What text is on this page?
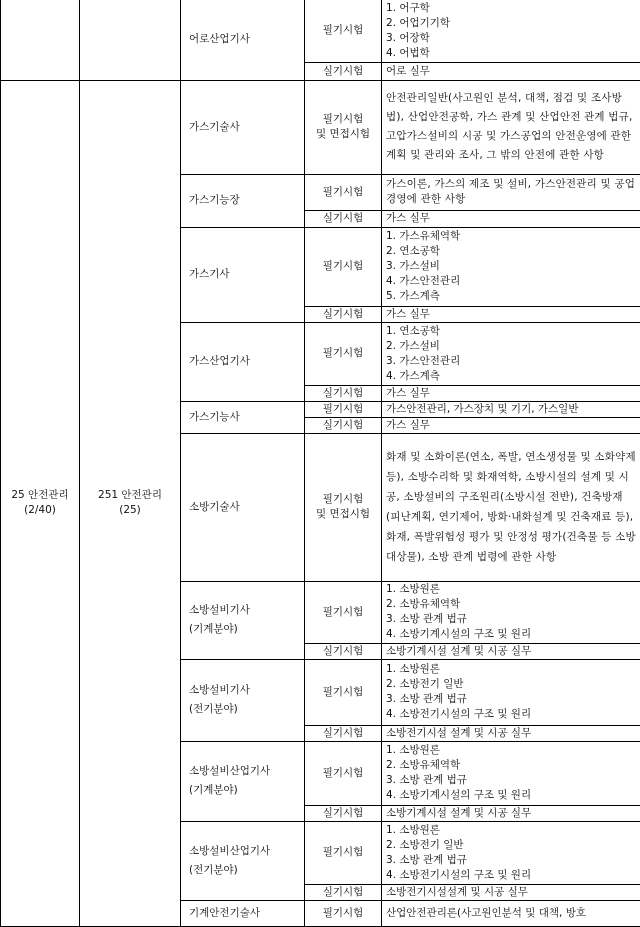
		어로산업기사	필기시험	1. 어구학
2. 어업기기학
3. 어장학
4. 어법학

			실기시험	어로 실무

25 안전관리
(2/40)	251 안전관리
(25)	가스기술사	필기시험
및 면접시험	안전관리일반(사고원인 분석, 대책, 점검 및 조사방법), 산업안전공학, 가스 관계 및 산업안전 관계 법규, 고압가스설비의 시공 및 가스공업의 안전운영에 관한 계획 및 관리와 조사, 그 밖의 안전에 관한 사항
		가스기능장	필기시험	가스이론, 가스의 제조 및 설비, 가스안전관리 및 공업경영에 관한 사항
			실기시험	가스 실무
		가스기사	필기시험	1. 가스유체역학
2. 연소공학
3. 가스설비
4. 가스안전관리
5. 가스계측

			실기시험	가스 실무
		가스산업기사	필기시험	1. 연소공학
2. 가스설비
3. 가스안전관리
4. 가스계측

			실기시험	가스 실무
		가스기능사	필기시험	가스안전관리, 가스장치 및 기기, 가스일반
			실기시험	가스 실무
		소방기술사	필기시험
및 면접시험	화재 및 소화이론(연소, 폭발, 연소생성물 및 소화약제 등), 소방수리학 및 화재역학, 소방시설의 설계 및 시공, 소방설비의 구조원리(소방시설 전반), 건축방재(피난계획, 연기제어, 방화·내화설계 및 건축재료 등), 화재, 폭발위험성 평가 및 안정성 평가(건축물 등 소방대상물), 소방 관계 법령에 관한 사항

		소방설비기사
(기계분야)	필기시험	1. 소방원론
2. 소방유체역학
3. 소방 관계 법규
4. 소방기계시설의 구조 및 원리

			실기시험	소방기계시설 설계 및 시공 실무

		소방설비기사
(전기분야)	필기시험	1. 소방원론
2. 소방전기 일반
3. 소방 관계 법규
4. 소방전기시설의 구조 및 원리

			실기시험	소방전기시설 설계 및 시공 실무

		소방설비산업기사
(기계분야)	필기시험	1. 소방원론
2. 소방유체역학
3. 소방 관계 법규
4. 소방기계시설의 구조 및 원리

			실기시험	소방기계시설 설계 및 시공 실무

		소방설비산업기사
(전기분야)	필기시험	1. 소방원론
2. 소방전기 일반
3. 소방 관계 법규
4. 소방전기시설의 구조 및 원리

			실기시험	소방전기시설설계 및 시공 실무
		기계안전기술사	필기시험	산업안전관리론(사고원인분석 및 대책, 방호
